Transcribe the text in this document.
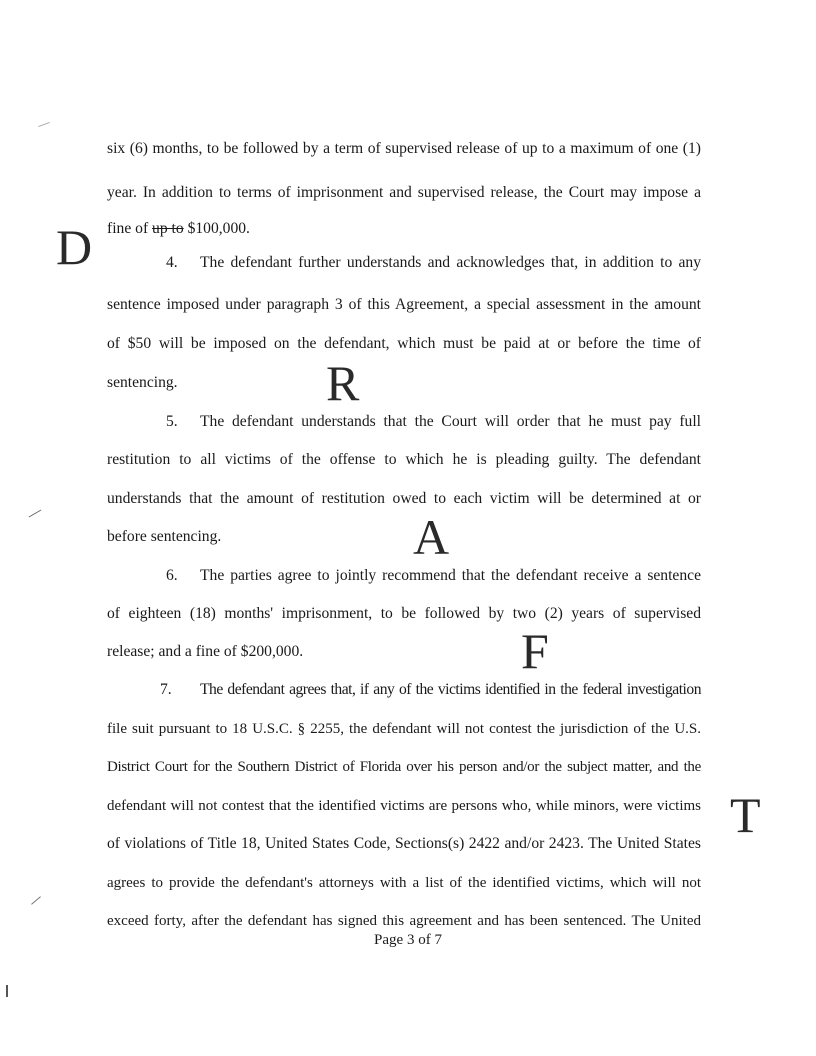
six (6) months, to be followed by a term of supervised release of up to a maximum of one (1)
year. In addition to terms of imprisonment and supervised release, the Court may impose a
fine of up to $100,000.
4. The defendant further understands and acknowledges that, in addition to any
sentence imposed under paragraph 3 of this Agreement, a special assessment in the amount
of $50 will be imposed on the defendant, which must be paid at or before the time of
sentencing.
5. The defendant understands that the Court will order that he must pay full
restitution to all victims of the offense to which he is pleading guilty. The defendant
understands that the amount of restitution owed to each victim will be determined at or
before sentencing.
6. The parties agree to jointly recommend that the defendant receive a sentence
of eighteen (18) months' imprisonment, to be followed by two (2) years of supervised
release; and a fine of $200,000.
7. The defendant agrees that, if any of the victims identified in the federal investigation
file suit pursuant to 18 U.S.C. § 2255, the defendant will not contest the jurisdiction of the U.S.
District Court for the Southern District of Florida over his person and/or the subject matter, and the
defendant will not contest that the identified victims are persons who, while minors, were victims
of violations of Title 18, United States Code, Sections(s) 2422 and/or 2423. The United States
agrees to provide the defendant's attorneys with a list of the identified victims, which will not
exceed forty, after the defendant has signed this agreement and has been sentenced. The United
D
R
A
F
T
Page 3 of 7
